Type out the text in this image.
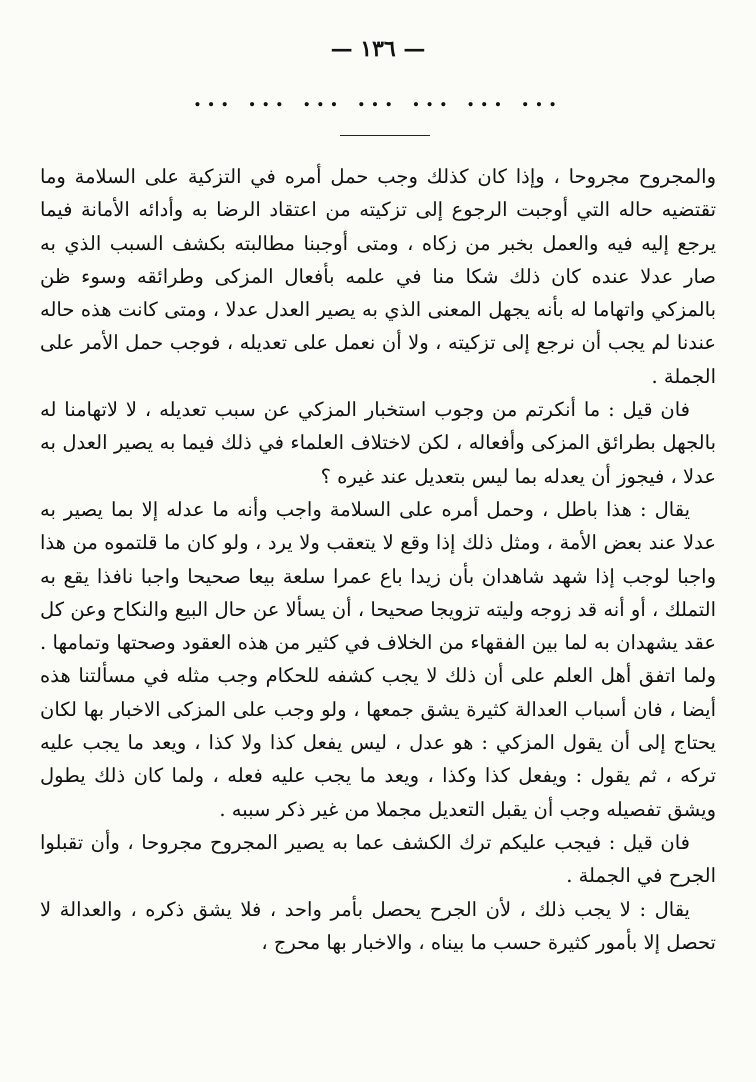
— ١٣٦ —
... ... ... ... ... ... ...

والمجروح مجروحا ، وإذا كان كذلك وجب حمل أمره في التزكية على السلامة وما تقتضيه حاله التي أوجبت الرجوع إلى تزكيته من اعتقاد الرضا به وأدائه الأمانة فيما يرجع إليه فيه والعمل بخبر من زكاه ، ومتى أوجبنا مطالبته بكشف السبب الذي به صار عدلا عنده كان ذلك شكا منا في علمه بأفعال المزكى وطرائقه وسوء ظن بالمزكي واتهاما له بأنه يجهل المعنى الذي به يصير العدل عدلا ، ومتى كانت هذه حاله عندنا لم يجب أن نرجع إلى تزكيته ، ولا أن نعمل على تعديله ، فوجب حمل الأمر على الجملة .

فان قيل : ما أنكرتم من وجوب استخبار المزكي عن سبب تعديله ، لا لاتهامنا له بالجهل بطرائق المزكى وأفعاله ، لكن لاختلاف العلماء في ذلك فيما به يصير العدل به عدلا ، فيجوز أن يعدله بما ليس بتعديل عند غيره ؟

يقال : هذا باطل ، وحمل أمره على السلامة واجب وأنه ما عدله إلا بما يصير به عدلا عند بعض الأمة ، ومثل ذلك إذا وقع لا يتعقب ولا يرد ، ولو كان ما قلتموه من هذا واجبا لوجب إذا شهد شاهدان بأن زيدا باع عمرا سلعة بيعا صحيحا واجبا نافذا يقع به التملك ، أو أنه قد زوجه وليته تزويجا صحيحا ، أن يسألا عن حال البيع والنكاح وعن كل عقد يشهدان به لما بين الفقهاء من الخلاف في كثير من هذه العقود وصحتها وتمامها . ولما اتفق أهل العلم على أن ذلك لا يجب كشفه للحكام وجب مثله في مسألتنا هذه أيضا ، فان أسباب العدالة كثيرة يشق جمعها ، ولو وجب على المزكى الاخبار بها لكان يحتاج إلى أن يقول المزكي : هو عدل ، ليس يفعل كذا ولا كذا ، ويعد ما يجب عليه تركه ، ثم يقول : ويفعل كذا وكذا ، ويعد ما يجب عليه فعله ، ولما كان ذلك يطول ويشق تفصيله وجب أن يقبل التعديل مجملا من غير ذكر سببه .

فان قيل : فيجب عليكم ترك الكشف عما به يصير المجروح مجروحا ، وأن تقبلوا الجرح في الجملة .

يقال : لا يجب ذلك ، لأن الجرح يحصل بأمر واحد ، فلا يشق ذكره ، والعدالة لا تحصل إلا بأمور كثيرة حسب ما بيناه ، والاخبار بها محرج ،
